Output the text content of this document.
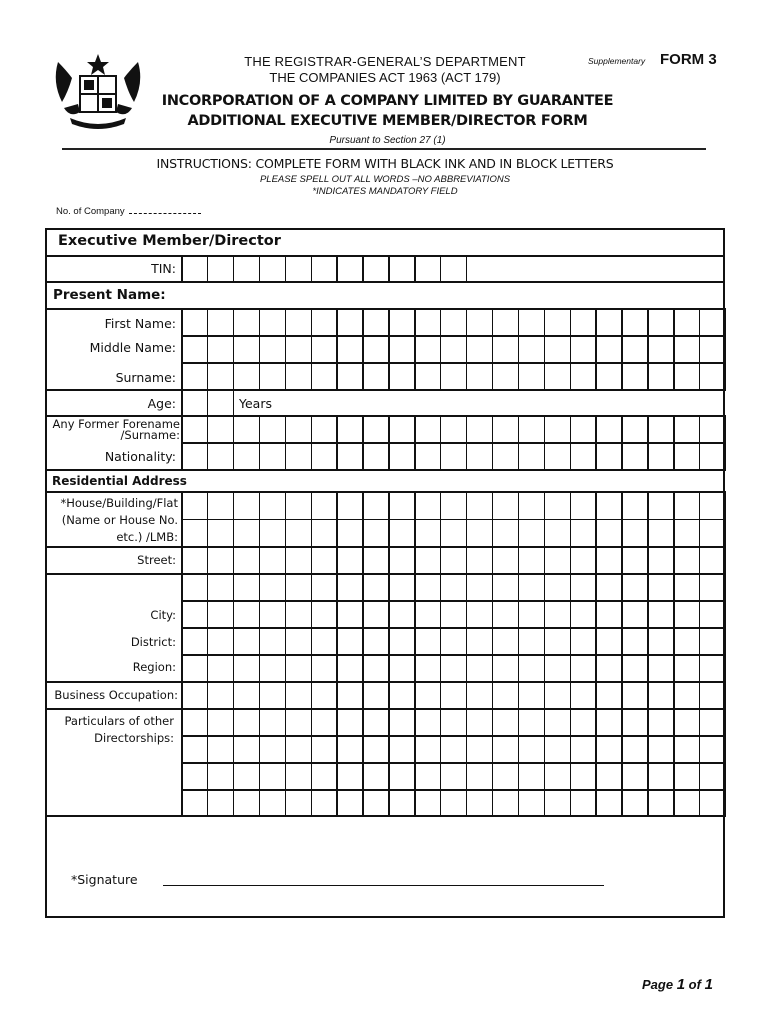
THE REGISTRAR-GENERAL’S DEPARTMENT
THE COMPANIES ACT 1963 (ACT 179)
Supplementary FORM 3
INCORPORATION OF A COMPANY LIMITED BY GUARANTEE
ADDITIONAL EXECUTIVE MEMBER/DIRECTOR FORM
Pursuant to Section 27 (1)
INSTRUCTIONS: COMPLETE FORM WITH BLACK INK AND IN BLOCK LETTERS
PLEASE SPELL OUT ALL WORDS –NO ABBREVIATIONS
*INDICATES MANDATORY FIELD
No. of Company
Executive Member/Director
TIN:
Present Name:
First Name:
Middle Name:
Surname:
Age:	Years
Any Former Forename
/Surname:
Nationality:
Residential Address
*House/Building/Flat
(Name or House No.
etc.) /LMB:
Street:
City:
District:
Region:
Business Occupation:
Particulars of other
Directorships:
*Signature
Page 1 of 1
